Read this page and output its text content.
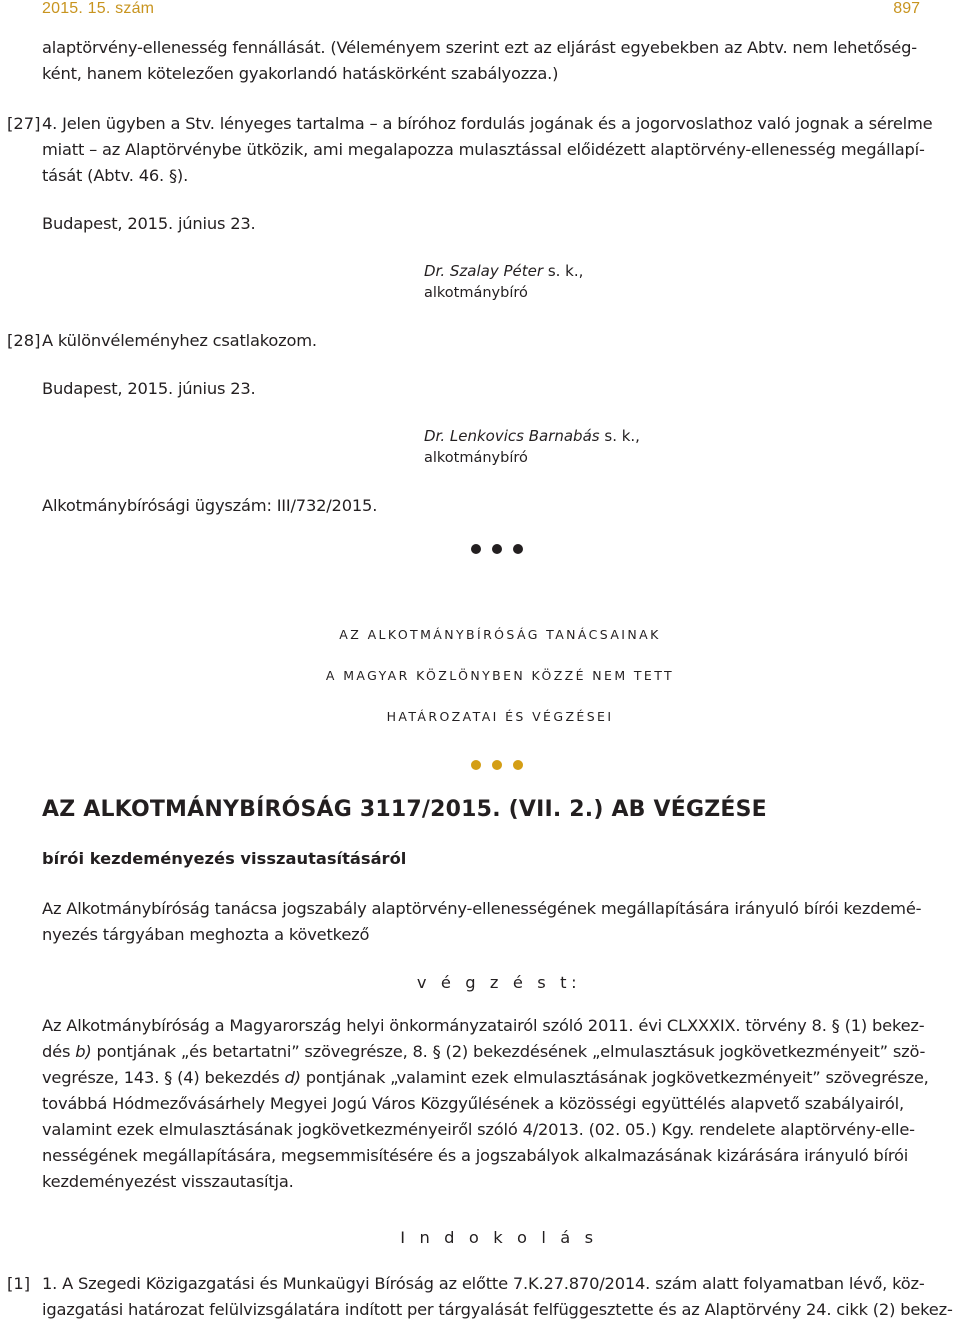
2015. 15. szám	897
alaptörvény-ellenesség fennállását. (Véleményem szerint ezt az eljárást egyebekben az Abtv. nem lehetőség-
ként, hanem kötelezően gyakorlandó hatáskörként szabályozza.)
[27] 4. Jelen ügyben a Stv. lényeges tartalma – a bíróhoz fordulás jogának és a jogorvoslathoz való jognak a sérelme
miatt – az Alaptörvénybe ütközik, ami megalapozza mulasztással előidézett alaptörvény-ellenesség megállapí-
tását (Abtv. 46. §).
Budapest, 2015. június 23.
Dr. Szalay Péter s. k.,
alkotmánybíró
[28] A különvéleményhez csatlakozom.
Budapest, 2015. június 23.
Dr. Lenkovics Barnabás s. k.,
alkotmánybíró
Alkotmánybírósági ügyszám: III/732/2015.
AZ ALKOTMÁNYBÍRÓSÁG TANÁCSAINAK
A MAGYAR KÖZLÖNYBEN KÖZZÉ NEM TETT
HATÁROZATAI ÉS VÉGZÉSEI
AZ ALKOTMÁNYBÍRÓSÁG 3117/2015. (VII. 2.) AB VÉGZÉSE
bírói kezdeményezés visszautasításáról
Az Alkotmánybíróság tanácsa jogszabály alaptörvény-ellenességének megállapítására irányuló bírói kezdemé-
nyezés tárgyában meghozta a következő
v é g z é s t:
Az Alkotmánybíróság a Magyarország helyi önkormányzatairól szóló 2011. évi CLXXXIX. törvény 8. § (1) bekez-
dés b) pontjának „és betartatni” szövegrésze, 8. § (2) bekezdésének „elmulasztásuk jogkövetkezményeit” szö-
vegrésze, 143. § (4) bekezdés d) pontjának „valamint ezek elmulasztásának jogkövetkezményeit” szövegrésze,
továbbá Hódmezővásárhely Megyei Jogú Város Közgyűlésének a közösségi együttélés alapvető szabályairól,
valamint ezek elmulasztásának jogkövetkezményeiről szóló 4/2013. (02. 05.) Kgy. rendelete alaptörvény-elle-
nességének megállapítására, megsemmisítésére és a jogszabályok alkalmazásának kizárására irányuló bírói
kezdeményezést visszautasítja.
I n d o k o l á s
[1] 1. A Szegedi Közigazgatási és Munkaügyi Bíróság az előtte 7.K.27.870/2014. szám alatt folyamatban lévő, köz-
igazgatási határozat felülvizsgálatára indított per tárgyalását felfüggesztette és az Alaptörvény 24. cikk (2) bekez-
